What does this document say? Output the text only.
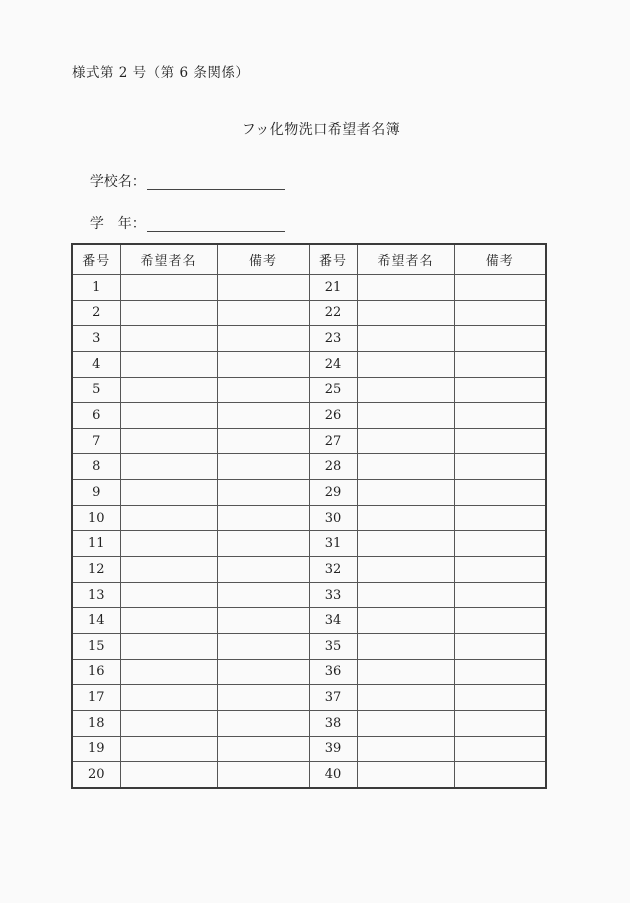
様式第 2 号（第 6 条関係）
フッ化物洗口希望者名簿

学校名：

学　年：

番号	希望者名	備考	番号	希望者名	備考
1			21		
2			22		
3			23		
4			24		
5			25		
6			26		
7			27		
8			28		
9			29		
10			30		
11			31		
12			32		
13			33		
14			34		
15			35		
16			36		
17			37		
18			38		
19			39		
20			40		
